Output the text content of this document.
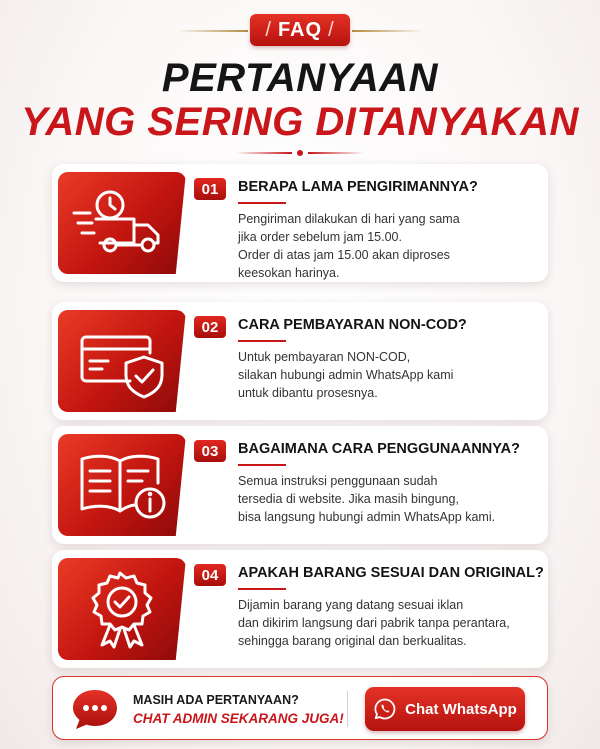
/ FAQ /
PERTANYAAN
YANG SERING DITANYAKAN
01	BERAPA LAMA PENGIRIMANNYA?
Pengiriman dilakukan di hari yang sama
jika order sebelum jam 15.00.
Order di atas jam 15.00 akan diproses
keesokan harinya.
02	CARA PEMBAYARAN NON-COD?
Untuk pembayaran NON-COD,
silakan hubungi admin WhatsApp kami
untuk dibantu prosesnya.
03	BAGAIMANA CARA PENGGUNAANNYA?
Semua instruksi penggunaan sudah
tersedia di website. Jika masih bingung,
bisa langsung hubungi admin WhatsApp kami.
04	APAKAH BARANG SESUAI DAN ORIGINAL?
Dijamin barang yang datang sesuai iklan
dan dikirim langsung dari pabrik tanpa perantara,
sehingga barang original dan berkualitas.
MASIH ADA PERTANYAAN?
CHAT ADMIN SEKARANG JUGA!
Chat WhatsApp
